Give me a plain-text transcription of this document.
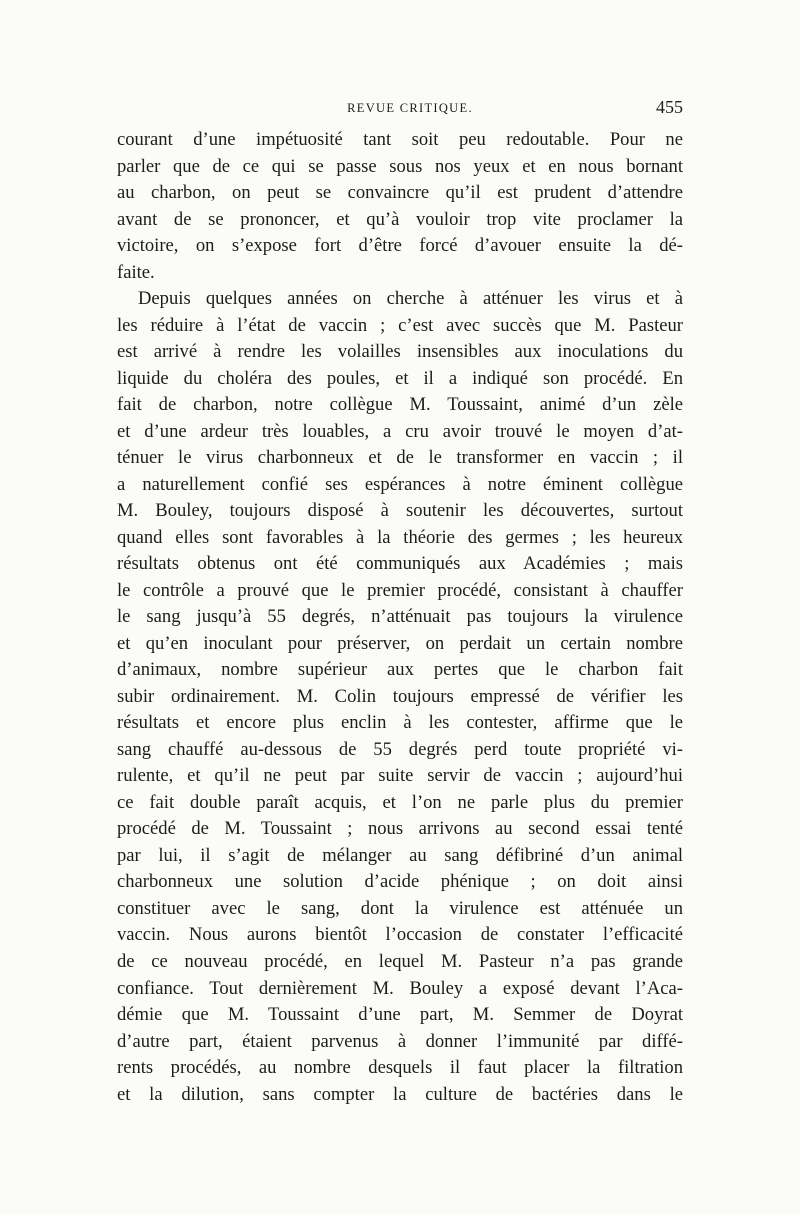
REVUE CRITIQUE.	455
courant d’une impétuosité tant soit peu redoutable. Pour ne
parler que de ce qui se passe sous nos yeux et en nous bornant
au charbon, on peut se convaincre qu’il est prudent d’attendre
avant de se prononcer, et qu’à vouloir trop vite proclamer la
victoire, on s’expose fort d’être forcé d’avouer ensuite la dé-
faite.
Depuis quelques années on cherche à atténuer les virus et à
les réduire à l’état de vaccin ; c’est avec succès que M. Pasteur
est arrivé à rendre les volailles insensibles aux inoculations du
liquide du choléra des poules, et il a indiqué son procédé. En
fait de charbon, notre collègue M. Toussaint, animé d’un zèle
et d’une ardeur très louables, a cru avoir trouvé le moyen d’at-
ténuer le virus charbonneux et de le transformer en vaccin ; il
a naturellement confié ses espérances à notre éminent collègue
M. Bouley, toujours disposé à soutenir les découvertes, surtout
quand elles sont favorables à la théorie des germes ; les heureux
résultats obtenus ont été communiqués aux Académies ; mais
le contrôle a prouvé que le premier procédé, consistant à chauffer
le sang jusqu’à 55 degrés, n’atténuait pas toujours la virulence
et qu’en inoculant pour préserver, on perdait un certain nombre
d’animaux, nombre supérieur aux pertes que le charbon fait
subir ordinairement. M. Colin toujours empressé de vérifier les
résultats et encore plus enclin à les contester, affirme que le
sang chauffé au-dessous de 55 degrés perd toute propriété vi-
rulente, et qu’il ne peut par suite servir de vaccin ; aujourd’hui
ce fait double paraît acquis, et l’on ne parle plus du premier
procédé de M. Toussaint ; nous arrivons au second essai tenté
par lui, il s’agit de mélanger au sang défibriné d’un animal
charbonneux une solution d’acide phénique ; on doit ainsi
constituer avec le sang, dont la virulence est atténuée un
vaccin. Nous aurons bientôt l’occasion de constater l’efficacité
de ce nouveau procédé, en lequel M. Pasteur n’a pas grande
confiance. Tout dernièrement M. Bouley a exposé devant l’Aca-
démie que M. Toussaint d’une part, M. Semmer de Doyrat
d’autre part, étaient parvenus à donner l’immunité par diffé-
rents procédés, au nombre desquels il faut placer la filtration
et la dilution, sans compter la culture de bactéries dans le
